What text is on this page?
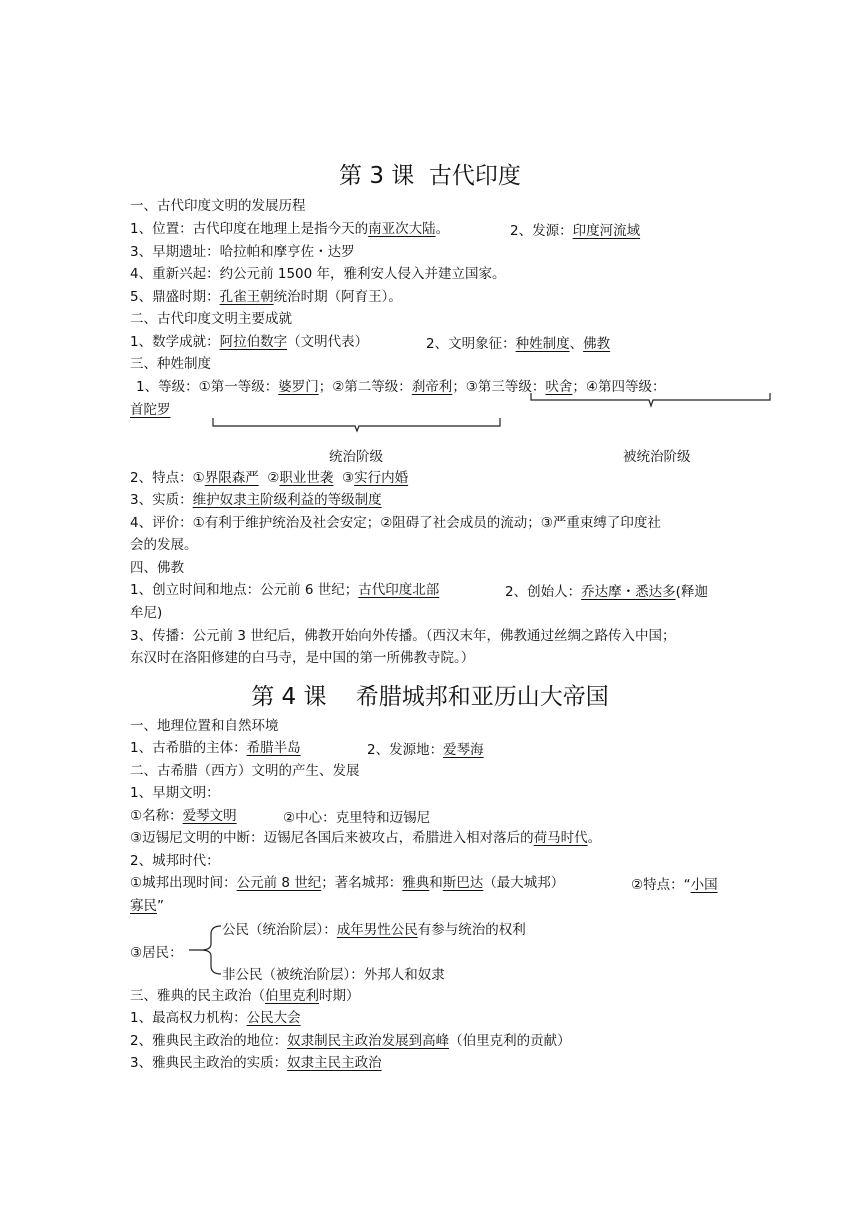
第 3 课  古代印度
一、古代印度文明的发展历程
1、位置：古代印度在地理上是指今天的南亚次大陆。	2、发源：印度河流域
3、早期遗址：哈拉帕和摩亨佐・达罗
4、重新兴起：约公元前 1500 年，雅利安人侵入并建立国家。
5、鼎盛时期：孔雀王朝统治时期（阿育王）。
二、古代印度文明主要成就
1、数学成就：阿拉伯数字（文明代表）	2、文明象征：种姓制度、佛教
三、种姓制度
1、等级：①第一等级：婆罗门；②第二等级：刹帝利；③第三等级：吠舍；④第四等级：
首陀罗
统治阶级	被统治阶级
2、特点：①界限森严 ②职业世袭 ③实行内婚
3、实质：维护奴隶主阶级利益的等级制度
4、评价：①有利于维护统治及社会安定；②阻碍了社会成员的流动；③严重束缚了印度社
会的发展。
四、佛教
1、创立时间和地点：公元前 6 世纪；古代印度北部	2、创始人：乔达摩・悉达多(释迦
牟尼)
3、传播：公元前 3 世纪后，佛教开始向外传播。（西汉末年，佛教通过丝绸之路传入中国；
东汉时在洛阳修建的白马寺，是中国的第一所佛教寺院。）
第 4 课    希腊城邦和亚历山大帝国
一、地理位置和自然环境
1、古希腊的主体：希腊半岛	2、发源地：爱琴海
二、古希腊（西方）文明的产生、发展
1、早期文明：
①名称：爱琴文明	②中心：克里特和迈锡尼
③迈锡尼文明的中断：迈锡尼各国后来被攻占，希腊进入相对落后的荷马时代。
2、城邦时代：
①城邦出现时间：公元前 8 世纪；著名城邦：雅典和斯巴达（最大城邦）	②特点：“小国
寡民”
③居民：
公民（统治阶层）：成年男性公民有参与统治的权利
非公民（被统治阶层）：外邦人和奴隶
三、雅典的民主政治（伯里克利时期）
1、最高权力机构：公民大会
2、雅典民主政治的地位：奴隶制民主政治发展到高峰（伯里克利的贡献）
3、雅典民主政治的实质：奴隶主民主政治
